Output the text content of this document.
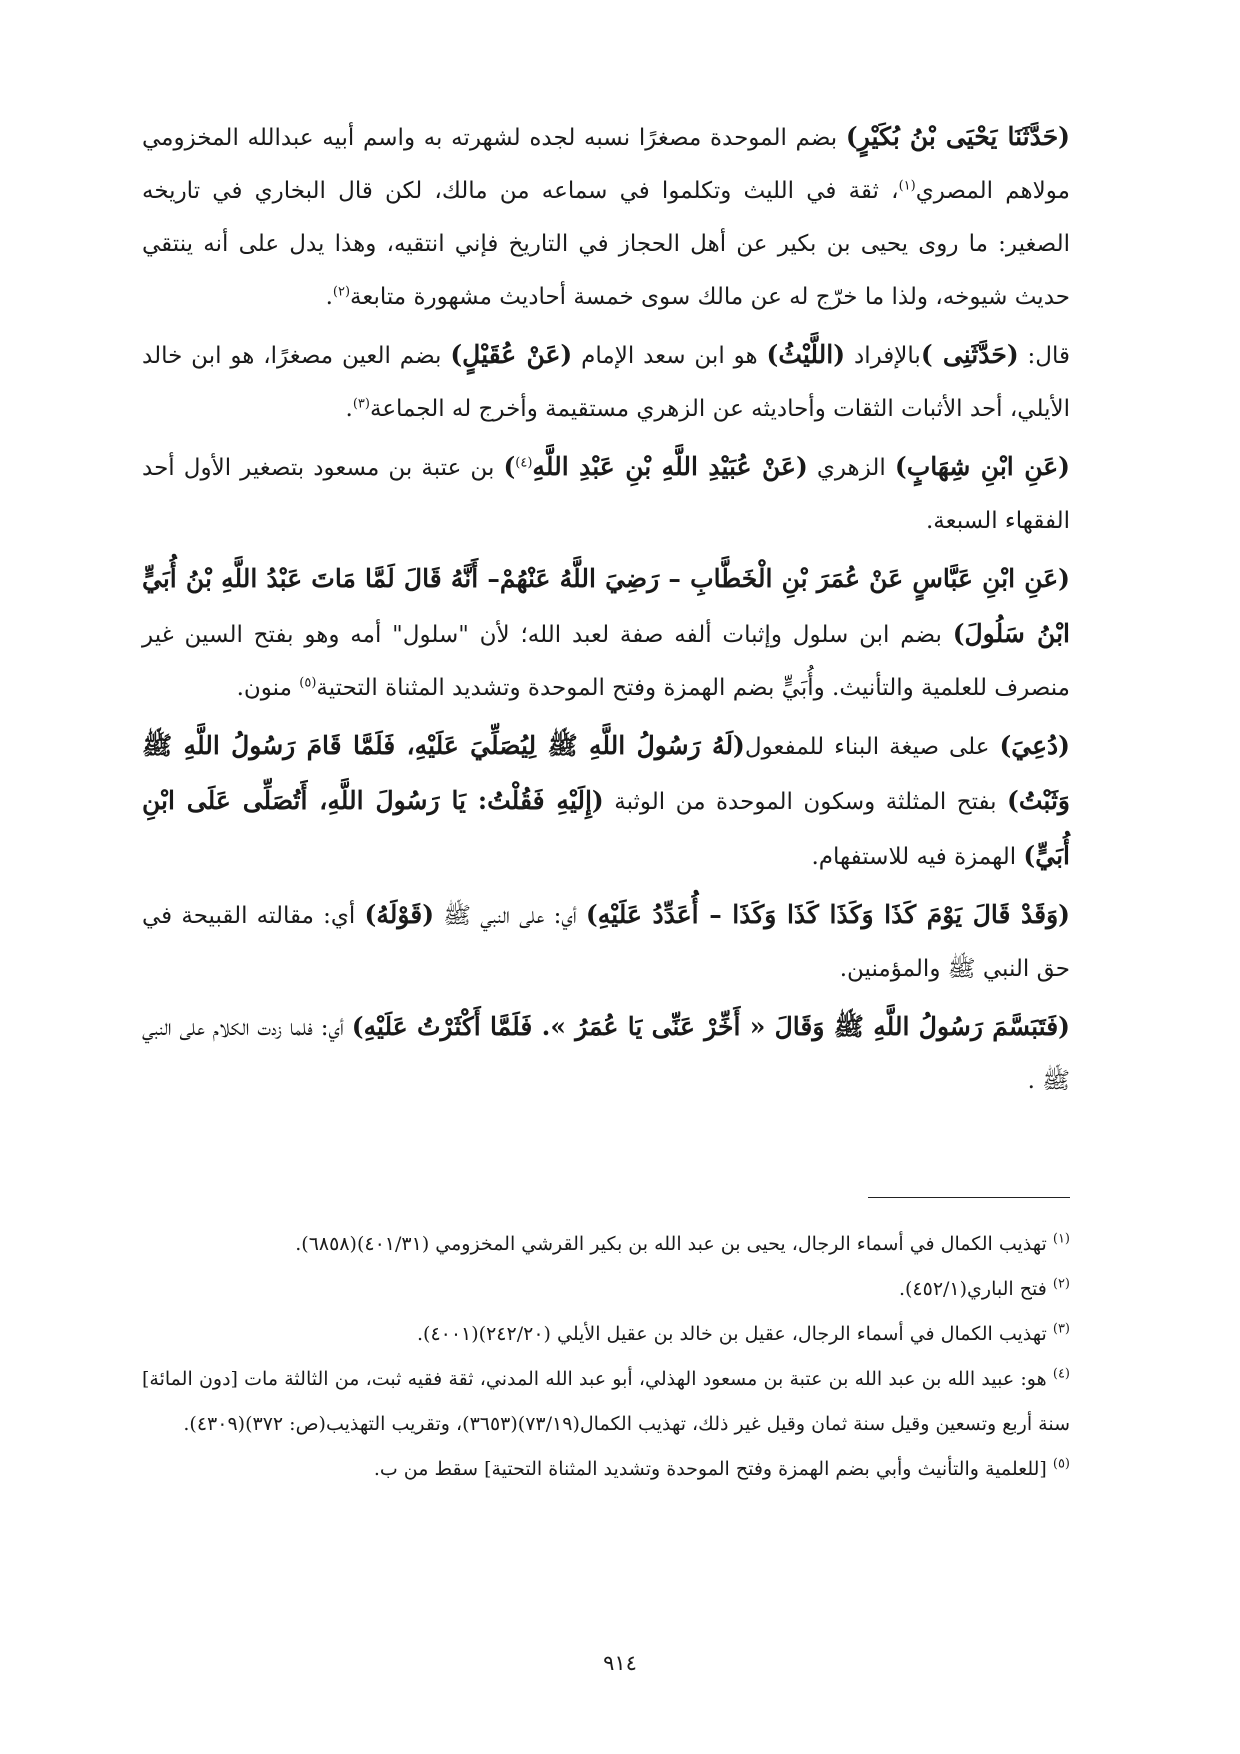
(حَدَّثَنَا يَحْيَى بْنُ بُكَيْرٍ) بضم الموحدة مصغرًا نسبه لجده لشهرته به واسم أبيه عبدالله المخزومي مولاهم المصري$^{(١)}$، ثقة في الليث وتكلموا في سماعه من مالك، لكن قال البخاري في تاريخه الصغير: ما روى يحيى بن بكير عن أهل الحجاز في التاريخ فإني انتقيه، وهذا يدل على أنه ينتقي حديث شيوخه، ولذا ما خرّج له عن مالك سوى خمسة أحاديث مشهورة متابعة$^{(٢)}$.

قال: (حَدَّثَنِى )بالإفراد (اللَّيْثُ) هو ابن سعد الإمام (عَنْ عُقَيْلٍ) بضم العين مصغرًا، هو ابن خالد الأيلي، أحد الأثبات الثقات وأحاديثه عن الزهري مستقيمة وأخرج له الجماعة$^{(٣)}$.

(عَنِ ابْنِ شِهَابٍ) الزهري (عَنْ عُبَيْدِ اللَّهِ بْنِ عَبْدِ اللَّهِ$^{(٤)}$) بن عتبة بن مسعود بتصغير الأول أحد الفقهاء السبعة.

(عَنِ ابْنِ عَبَّاسٍ عَنْ عُمَرَ بْنِ الْخَطَّابِ – رَضِيَ اللَّهُ عَنْهُمْ– أَنَّهُ قَالَ لَمَّا مَاتَ عَبْدُ اللَّهِ بْنُ أُبَيٍّ ابْنُ سَلُولَ) بضم ابن سلول وإثبات ألفه صفة لعبد الله؛ لأن "سلول" أمه وهو بفتح السين غير منصرف للعلمية والتأنيث. وأُبَيٍّ بضم الهمزة وفتح الموحدة وتشديد المثناة التحتية$^{(٥)}$ منون.

(دُعِيَ) على صيغة البناء للمفعول(لَهُ رَسُولُ اللَّهِ ﷺ لِيُصَلِّيَ عَلَيْهِ، فَلَمَّا قَامَ رَسُولُ اللَّهِ ﷺ وَثَبْتُ) بفتح المثلثة وسكون الموحدة من الوثبة (إِلَيْهِ فَقُلْتُ: يَا رَسُولَ اللَّهِ، أَتُصَلِّى عَلَى ابْنِ أُبَيٍّ) الهمزة فيه للاستفهام.

(وَقَدْ قَالَ يَوْمَ كَذَا وَكَذَا كَذَا وَكَذَا – أُعَدِّدُ عَلَيْهِ) أي: على النبي ﷺ (قَوْلَهُ) أي: مقالته القبيحة في حق النبي ﷺ والمؤمنين.

(فَتَبَسَّمَ رَسُولُ اللَّهِ ﷺ وَقَالَ « أَخِّرْ عَنِّى يَا عُمَرُ ». فَلَمَّا أَكْثَرْتُ عَلَيْهِ) أي: فلما زدت الكلام على النبي ﷺ .

$^{(١)}$ تهذيب الكمال في أسماء الرجال، يحيى بن عبد الله بن بكير القرشي المخزومي (٤٠١/٣١)(٦٨٥٨).

$^{(٢)}$ فتح الباري(٤٥٢/١).

$^{(٣)}$ تهذيب الكمال في أسماء الرجال، عقيل بن خالد بن عقيل الأيلي (٢٤٢/٢٠)(٤٠٠١).

$^{(٤)}$ هو: عبيد الله بن عبد الله بن عتبة بن مسعود الهذلي، أبو عبد الله المدني، ثقة فقيه ثبت، من الثالثة مات [دون المائة] سنة أربع وتسعين وقيل سنة ثمان وقيل غير ذلك، تهذيب الكمال(٧٣/١٩)(٣٦٥٣)، وتقريب التهذيب(ص: ٣٧٢)(٤٣٠٩).

$^{(٥)}$ [للعلمية والتأنيث وأبي بضم الهمزة وفتح الموحدة وتشديد المثناة التحتية] سقط من ب.

٩١٤
